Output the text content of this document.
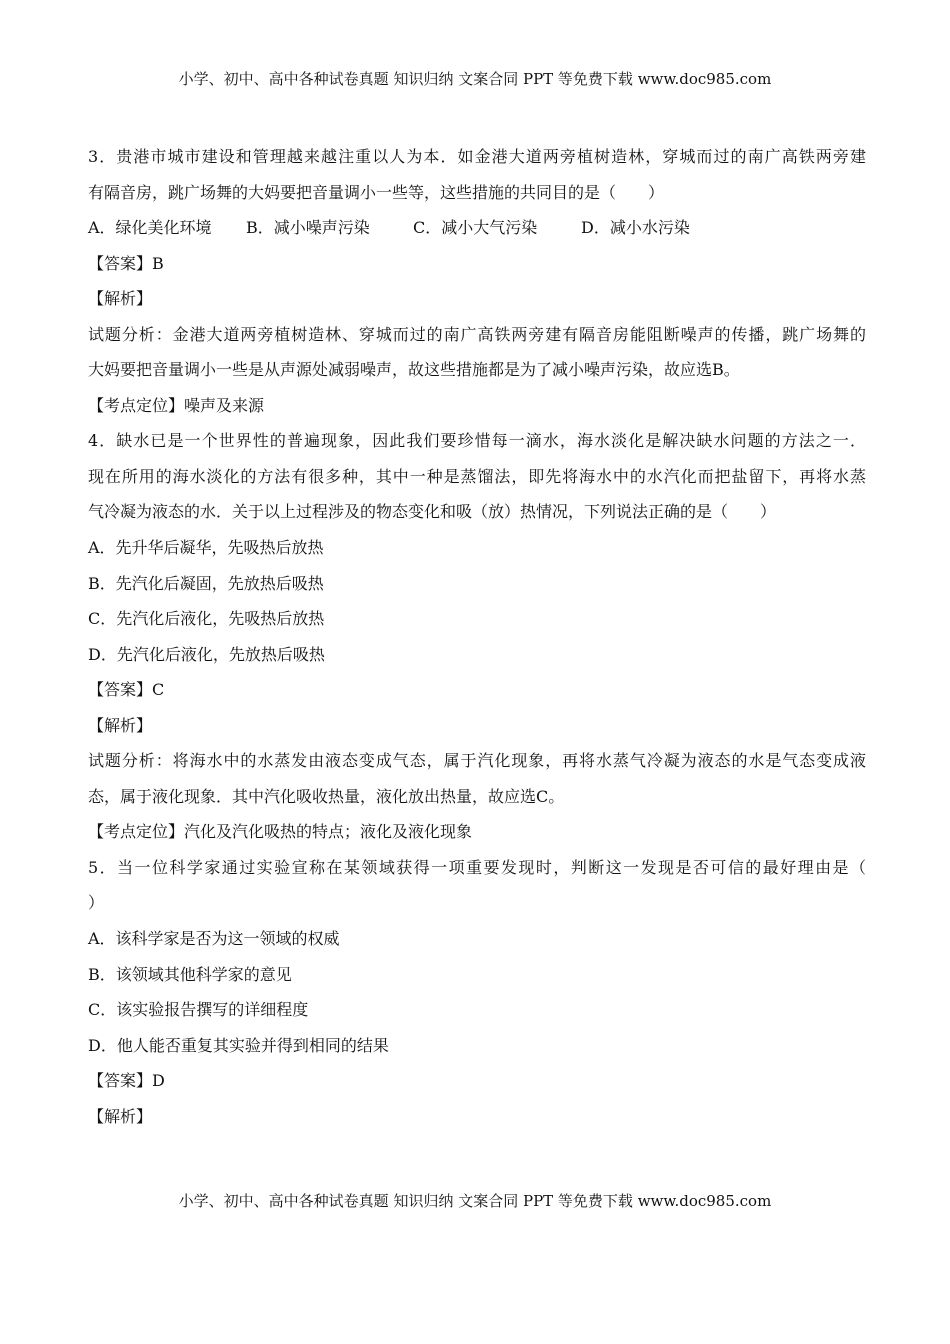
小学、初中、高中各种试卷真题 知识归纳 文案合同 PPT 等免费下载 www.doc985.com
3．贵港市城市建设和管理越来越注重以人为本．如金港大道两旁植树造林，穿城而过的南广高铁两旁建
有隔音房，跳广场舞的大妈要把音量调小一些等，这些措施的共同目的是（　　）
A．绿化美化环境 B．减小噪声污染	C．减小大气污染	D．减小水污染
【答案】B
【解析】
试题分析：金港大道两旁植树造林、穿城而过的南广高铁两旁建有隔音房能阻断噪声的传播，跳广场舞的
大妈要把音量调小一些是从声源处减弱噪声，故这些措施都是为了减小噪声污染，故应选B。
【考点定位】噪声及来源
4．缺水已是一个世界性的普遍现象，因此我们要珍惜每一滴水，海水淡化是解决缺水问题的方法之一．
现在所用的海水淡化的方法有很多种，其中一种是蒸馏法，即先将海水中的水汽化而把盐留下，再将水蒸
气冷凝为液态的水．关于以上过程涉及的物态变化和吸（放）热情况，下列说法正确的是（　　）
A．先升华后凝华，先吸热后放热
B．先汽化后凝固，先放热后吸热
C．先汽化后液化，先吸热后放热
D．先汽化后液化，先放热后吸热
【答案】C
【解析】
试题分析：将海水中的水蒸发由液态变成气态，属于汽化现象，再将水蒸气冷凝为液态的水是气态变成液
态，属于液化现象．其中汽化吸收热量，液化放出热量，故应选C。
【考点定位】汽化及汽化吸热的特点；液化及液化现象
5．当一位科学家通过实验宣称在某领域获得一项重要发现时，判断这一发现是否可信的最好理由是（
）
A．该科学家是否为这一领域的权威
B．该领域其他科学家的意见
C．该实验报告撰写的详细程度
D．他人能否重复其实验并得到相同的结果
【答案】D
【解析】
小学、初中、高中各种试卷真题 知识归纳 文案合同 PPT 等免费下载 www.doc985.com
